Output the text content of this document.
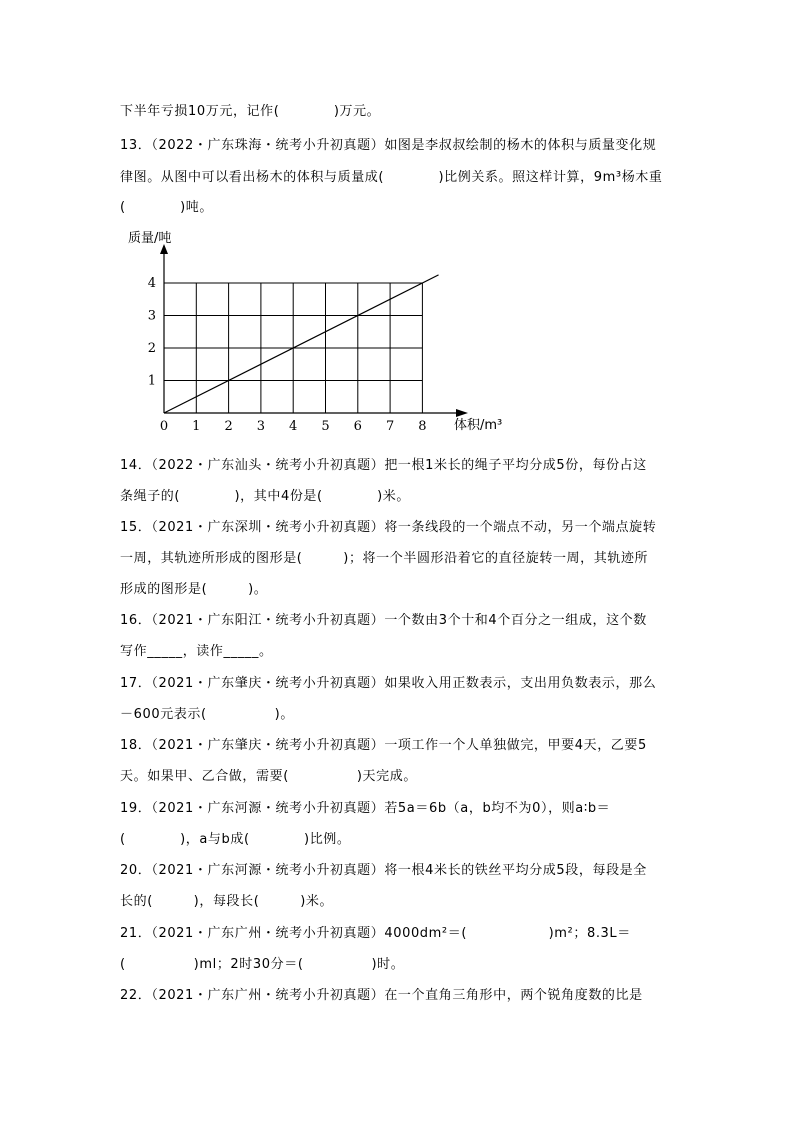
下半年亏损10万元，记作(　　　　)万元。
13．（2022・广东珠海・统考小升初真题）如图是李叔叔绘制的杨木的体积与质量变化规
律图。从图中可以看出杨木的体积与质量成(　　　　)比例关系。照这样计算，9m³杨木重
(　　　　)吨。
0 1 2 3 4 5 6 7 8
1
2
3
4
质量/吨
体积/m³
14．（2022・广东汕头・统考小升初真题）把一根1米长的绳子平均分成5份，每份占这
条绳子的(　　　　)，其中4份是(　　　　)米。
15．（2021・广东深圳・统考小升初真题）将一条线段的一个端点不动，另一个端点旋转
一周，其轨迹所形成的图形是(　　　)；将一个半圆形沿着它的直径旋转一周，其轨迹所
形成的图形是(　　　)。
16．（2021・广东阳江・统考小升初真题）一个数由3个十和4个百分之一组成，这个数
写作_____，读作_____。
17．（2021・广东肇庆・统考小升初真题）如果收入用正数表示，支出用负数表示，那么
－600元表示(　　　　　)。
18．（2021・广东肇庆・统考小升初真题）一项工作一个人单独做完，甲要4天，乙要5
天。如果甲、乙合做，需要(　　　　　)天完成。
19．（2021・广东河源・统考小升初真题）若5a＝6b（a，b均不为0），则a∶b＝
(　　　　)，a与b成(　　　　)比例。
20．（2021・广东河源・统考小升初真题）将一根4米长的铁丝平均分成5段，每段是全
长的(　　　)，每段长(　　　)米。
21．（2021・广东广州・统考小升初真题）4000dm²＝(　　　　　　)m²；8.3L＝
(　　　　　)ml；2时30分＝(　　　　　)时。
22．（2021・广东广州・统考小升初真题）在一个直角三角形中，两个锐角度数的比是
